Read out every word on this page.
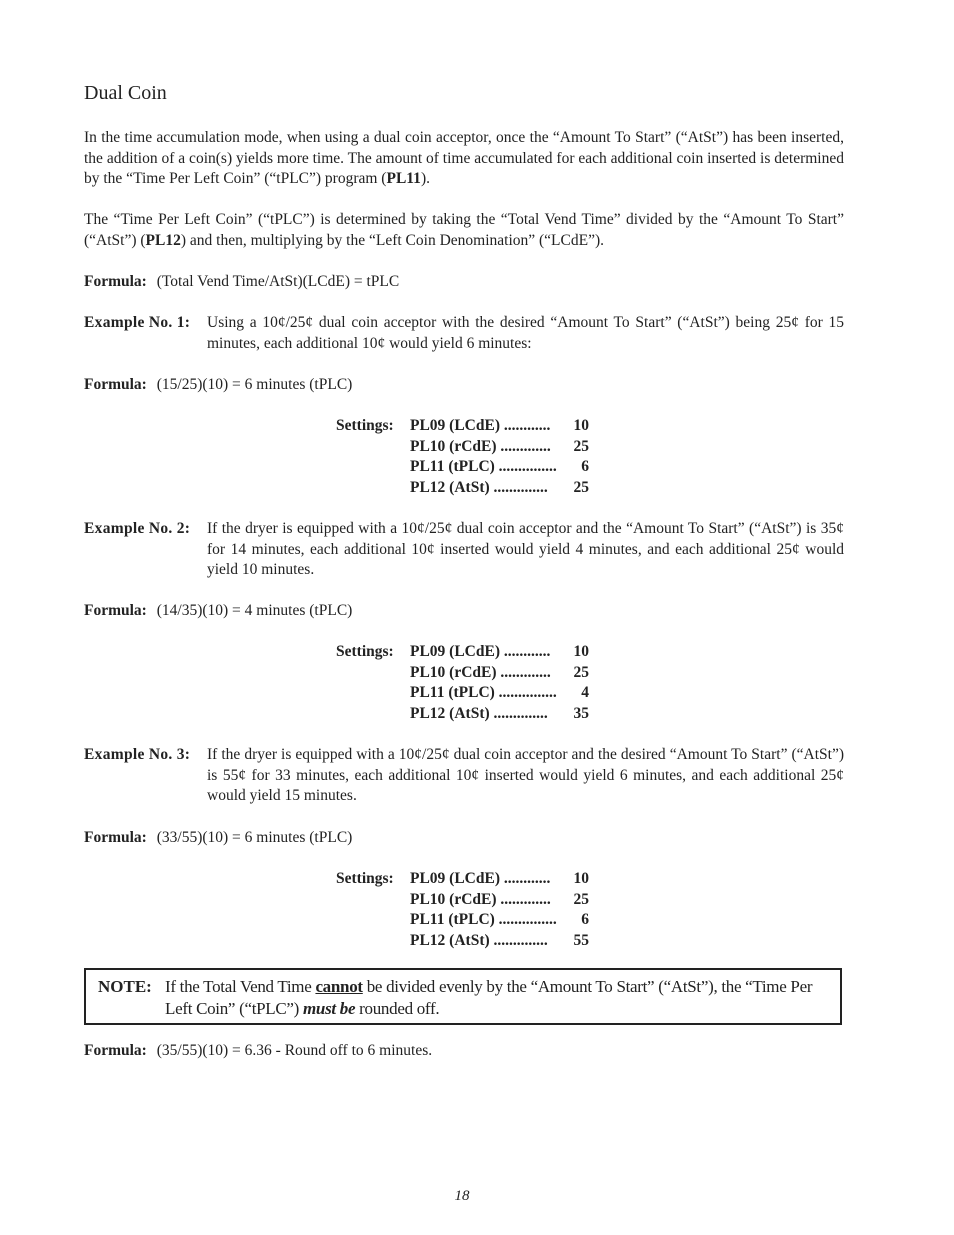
Dual Coin
In the time accumulation mode, when using a dual coin acceptor, once the “Amount To Start” (“AtSt”) has been inserted, the addition of a coin(s) yields more time. The amount of time accumulated for each additional coin inserted is determined by the “Time Per Left Coin” (“tPLC”) program (PL11).
The “Time Per Left Coin” (“tPLC”) is determined by taking the “Total Vend Time” divided by the “Amount To Start” (“AtSt”) (PL12) and then, multiplying by the “Left Coin Denomination” (“LCdE”).
Formula: (Total Vend Time/AtSt)(LCdE) = tPLC
Example No. 1: Using a 10¢/25¢ dual coin acceptor with the desired “Amount To Start” (“AtSt”) being 25¢ for 15 minutes, each additional 10¢ would yield 6 minutes:
Formula: (15/25)(10) = 6 minutes (tPLC)
Settings: PL09 (LCdE) ............ 10
PL10 (rCdE) ............. 25
PL11 (tPLC) ............... 6
PL12 (AtSt) .............. 25
Example No. 2: If the dryer is equipped with a 10¢/25¢ dual coin acceptor and the “Amount To Start” (“AtSt”) is 35¢ for 14 minutes, each additional 10¢ inserted would yield 4 minutes, and each additional 25¢ would yield 10 minutes.
Formula: (14/35)(10) = 4 minutes (tPLC)
Settings: PL09 (LCdE) ............ 10
PL10 (rCdE) ............. 25
PL11 (tPLC) ............... 4
PL12 (AtSt) .............. 35
Example No. 3: If the dryer is equipped with a 10¢/25¢ dual coin acceptor and the desired “Amount To Start” (“AtSt”) is 55¢ for 33 minutes, each additional 10¢ inserted would yield 6 minutes, and each additional 25¢ would yield 15 minutes.
Formula: (33/55)(10) = 6 minutes (tPLC)
Settings: PL09 (LCdE) ............ 10
PL10 (rCdE) ............. 25
PL11 (tPLC) ............... 6
PL12 (AtSt) .............. 55
NOTE: If the Total Vend Time cannot be divided evenly by the “Amount To Start” (“AtSt”), the “Time Per Left Coin” (“tPLC”) must be rounded off.
Formula: (35/55)(10) = 6.36 - Round off to 6 minutes.
18
